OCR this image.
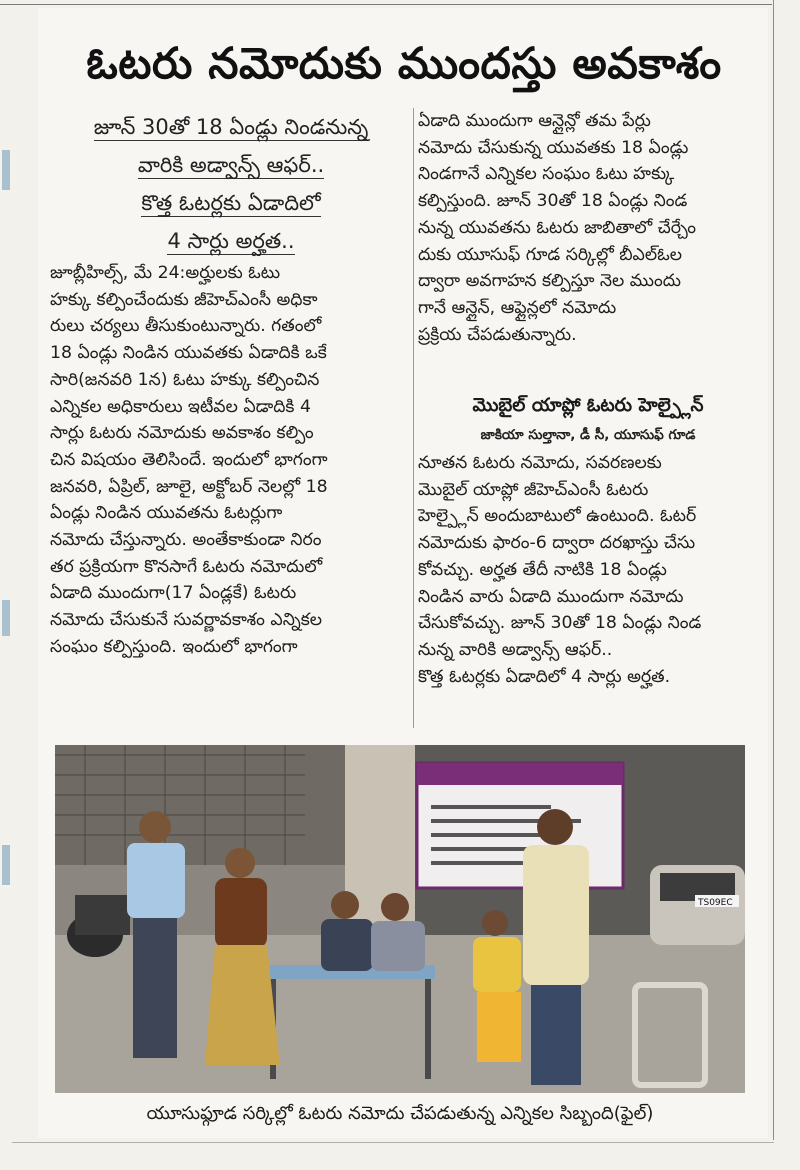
ఓటరు నమోదుకు ముందస్తు అవకాశం
జూన్ 30తో 18 ఏండ్లు నిండనున్న
వారికి అడ్వాన్స్ ఆఫర్..
కొత్త ఓటర్లకు ఏడాదిలో
4 సార్లు అర్హత..

జూబ్లీహిల్స్, మే 24:అర్హులకు ఓటు

హక్కు కల్పించేందుకు జీహెచ్ఎంసీ అధికా

రులు చర్యలు తీసుకుంటున్నారు. గతంలో

18 ఏండ్లు నిండిన యువతకు ఏడాదికి ఒకే

సారి(జనవరి 1న) ఓటు హక్కు కల్పించిన

ఎన్నికల అధికారులు ఇటీవల ఏడాదికి 4

సార్లు ఓటరు నమోదుకు అవకాశం కల్పిం

చిన విషయం తెలిసిందే. ఇందులో భాగంగా

జనవరి, ఏప్రిల్, జూలై, అక్టోబర్ నెలల్లో 18

ఏండ్లు నిండిన యువతను ఓటర్లుగా

నమోదు చేస్తున్నారు. అంతేకాకుండా నిరం

తర ప్రక్రియగా కొనసాగే ఓటరు నమోదులో

ఏడాది ముందుగా(17 ఏండ్లకే) ఓటరు

నమోదు చేసుకునే సువర్ణావకాశం ఎన్నికల

సంఘం కల్పిస్తుంది. ఇందులో భాగంగా

ఏడాది ముందుగా ఆన్లైన్లో తమ పేర్లు

నమోదు చేసుకున్న యువతకు 18 ఏండ్లు

నిండగానే ఎన్నికల సంఘం ఓటు హక్కు

కల్పిస్తుంది. జూన్ 30తో 18 ఏండ్లు నిండ

నున్న యువతను ఓటరు జాబితాలో చేర్చేం

దుకు యూసుఫ్ గూడ సర్కిల్లో బీఎల్ఓల

ద్వారా అవగాహన కల్పిస్తూ నెల ముందు

గానే ఆన్లైన్, ఆఫ్లైన్లలో నమోదు

ప్రక్రియ చేపడుతున్నారు.

మొబైల్ యాప్లో ఓటరు హెల్ప్లైన్
జాకియా సుల్తానా, డీ సీ, యూసుఫ్ గూడ

నూతన ఓటరు నమోదు, సవరణలకు

మొబైల్ యాప్లో జీహెచ్ఎంసీ ఓటరు

హెల్ప్లైన్ అందుబాటులో ఉంటుంది. ఓటర్

నమోదుకు ఫారం-6 ద్వారా దరఖాస్తు చేసు

కోవచ్చు. అర్హత తేదీ నాటికి 18 ఏండ్లు

నిండిన వారు ఏడాది ముందుగా నమోదు

చేసుకోవచ్చు. జూన్ 30తో 18 ఏండ్లు నిండ

నున్న వారికి అడ్వాన్స్ ఆఫర్..

కొత్త ఓటర్లకు ఏడాదిలో 4 సార్లు అర్హత.

TS09EC
యూసుఫ్గూడ సర్కిల్లో ఓటరు నమోదు చేపడుతున్న ఎన్నికల సిబ్బంది(ఫైల్)
